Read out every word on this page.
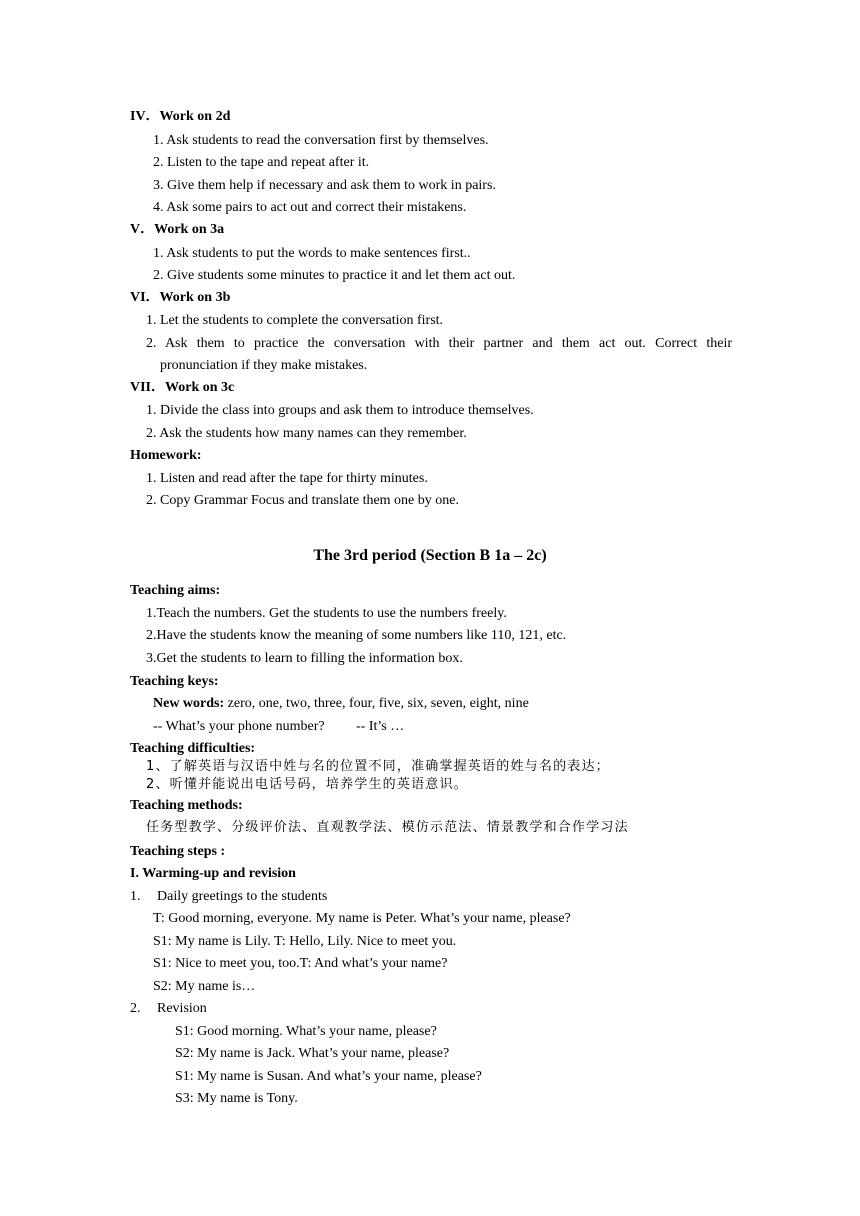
IV．Work on 2d
1. Ask students to read the conversation first by themselves.
2. Listen to the tape and repeat after it.
3. Give them help if necessary and ask them to work in pairs.
4. Ask some pairs to act out and correct their mistakens.
V．Work on 3a
1. Ask students to put the words to make sentences first..
2. Give students some minutes to practice it and let them act out.
VI．Work on 3b
1. Let the students to complete the conversation first.
2. Ask them to practice the conversation with their partner and them act out. Correct their
pronunciation if they make mistakes.
VII．Work on 3c
1. Divide the class into groups and ask them to introduce themselves.
2. Ask the students how many names can they remember.
Homework:
1. Listen and read after the tape for thirty minutes.
2. Copy Grammar Focus and translate them one by one.
The 3rd period (Section B 1a – 2c)
Teaching aims:
1.Teach the numbers. Get the students to use the numbers freely.
2.Have the students know the meaning of some numbers like 110, 121, etc.
3.Get the students to learn to filling the information box.
Teaching keys:
New words: zero, one, two, three, four, five, six, seven, eight, nine
-- What’s your phone number? -- It’s …
Teaching difficulties:
1、了解英语与汉语中姓与名的位置不同，准确掌握英语的姓与名的表达；
2、听懂并能说出电话号码，培养学生的英语意识。
Teaching methods:
任务型教学、分级评价法、直观教学法、模仿示范法、情景教学和合作学习法
Teaching steps :
I. Warming-up and revision
1. Daily greetings to the students
T: Good morning, everyone. My name is Peter. What’s your name, please?
S1: My name is Lily. T: Hello, Lily. Nice to meet you.
S1: Nice to meet you, too.T: And what’s your name?
S2: My name is…
2. Revision
S1: Good morning. What’s your name, please?
S2: My name is Jack. What’s your name, please?
S1: My name is Susan. And what’s your name, please?
S3: My name is Tony.
